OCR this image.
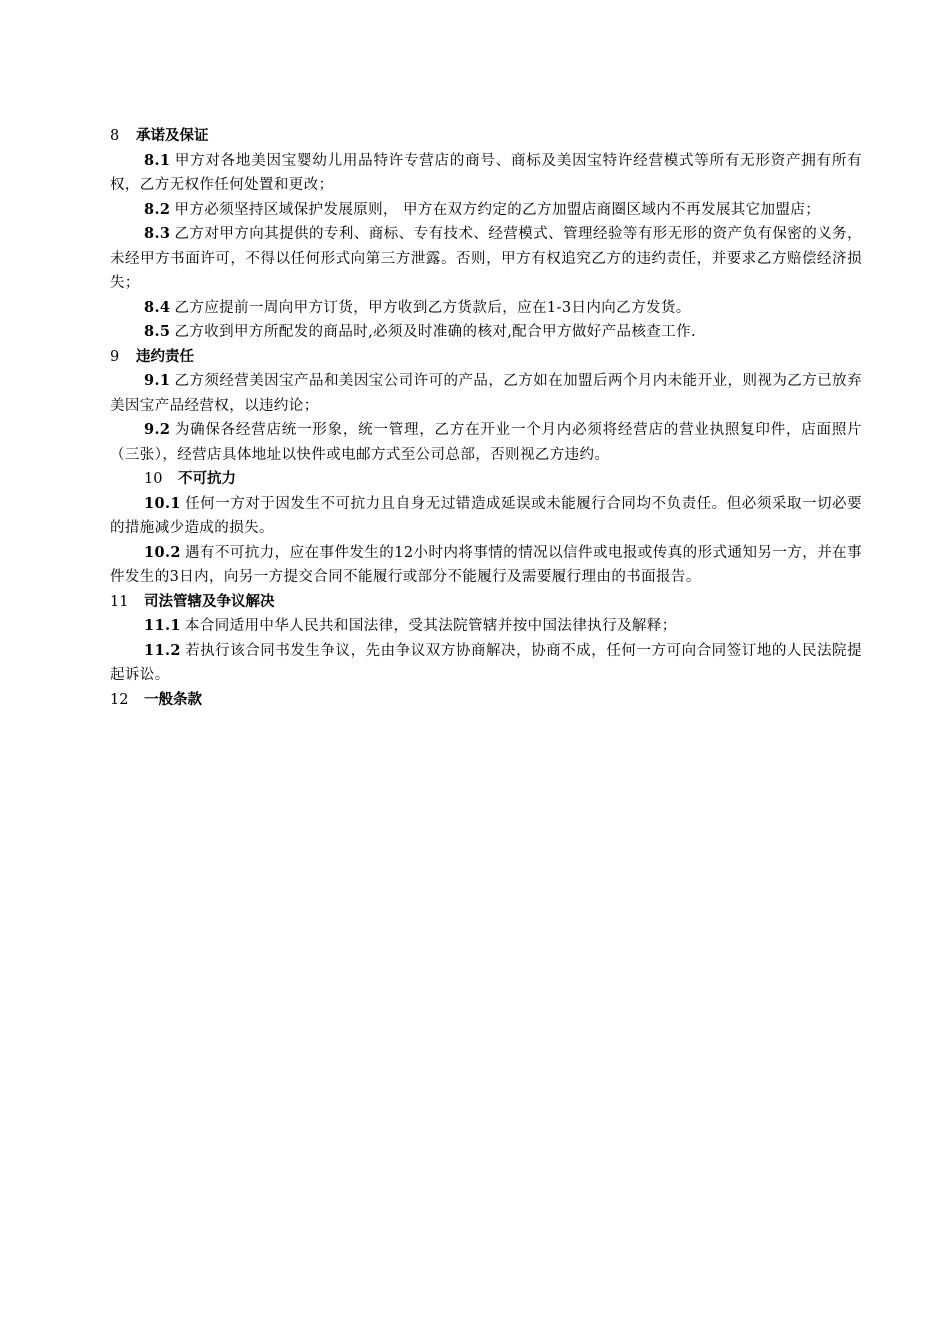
8 承诺及保证

8.1 甲方对各地美因宝婴幼儿用品特许专营店的商号、商标及美因宝特许经营模式等所有无形资产拥有所有权，乙方无权作任何处置和更改；

8.2 甲方必须坚持区域保护发展原则， 甲方在双方约定的乙方加盟店商圈区域内不再发展其它加盟店；

8.3 乙方对甲方向其提供的专利、商标、专有技术、经营模式、管理经验等有形无形的资产负有保密的义务，未经甲方书面许可，不得以任何形式向第三方泄露。否则，甲方有权追究乙方的违约责任，并要求乙方赔偿经济损失；

8.4 乙方应提前一周向甲方订货，甲方收到乙方货款后，应在1-3日内向乙方发货。

8.5 乙方收到甲方所配发的商品时,必须及时准确的核对,配合甲方做好产品核查工作.

9 违约责任

9.1 乙方须经营美因宝产品和美因宝公司许可的产品，乙方如在加盟后两个月内未能开业，则视为乙方已放弃美因宝产品经营权，以违约论；

9.2 为确保各经营店统一形象，统一管理，乙方在开业一个月内必须将经营店的营业执照复印件，店面照片（三张），经营店具体地址以快件或电邮方式至公司总部，否则视乙方违约。

10 不可抗力

10.1 任何一方对于因发生不可抗力且自身无过错造成延误或未能履行合同均不负责任。但必须采取一切必要的措施减少造成的损失。

10.2 遇有不可抗力，应在事件发生的12小时内将事情的情况以信件或电报或传真的形式通知另一方，并在事件发生的3日内，向另一方提交合同不能履行或部分不能履行及需要履行理由的书面报告。

11 司法管辖及争议解决

11.1 本合同适用中华人民共和国法律，受其法院管辖并按中国法律执行及解释；

11.2 若执行该合同书发生争议，先由争议双方协商解决，协商不成，任何一方可向合同签订地的人民法院提起诉讼。

12 一般条款
